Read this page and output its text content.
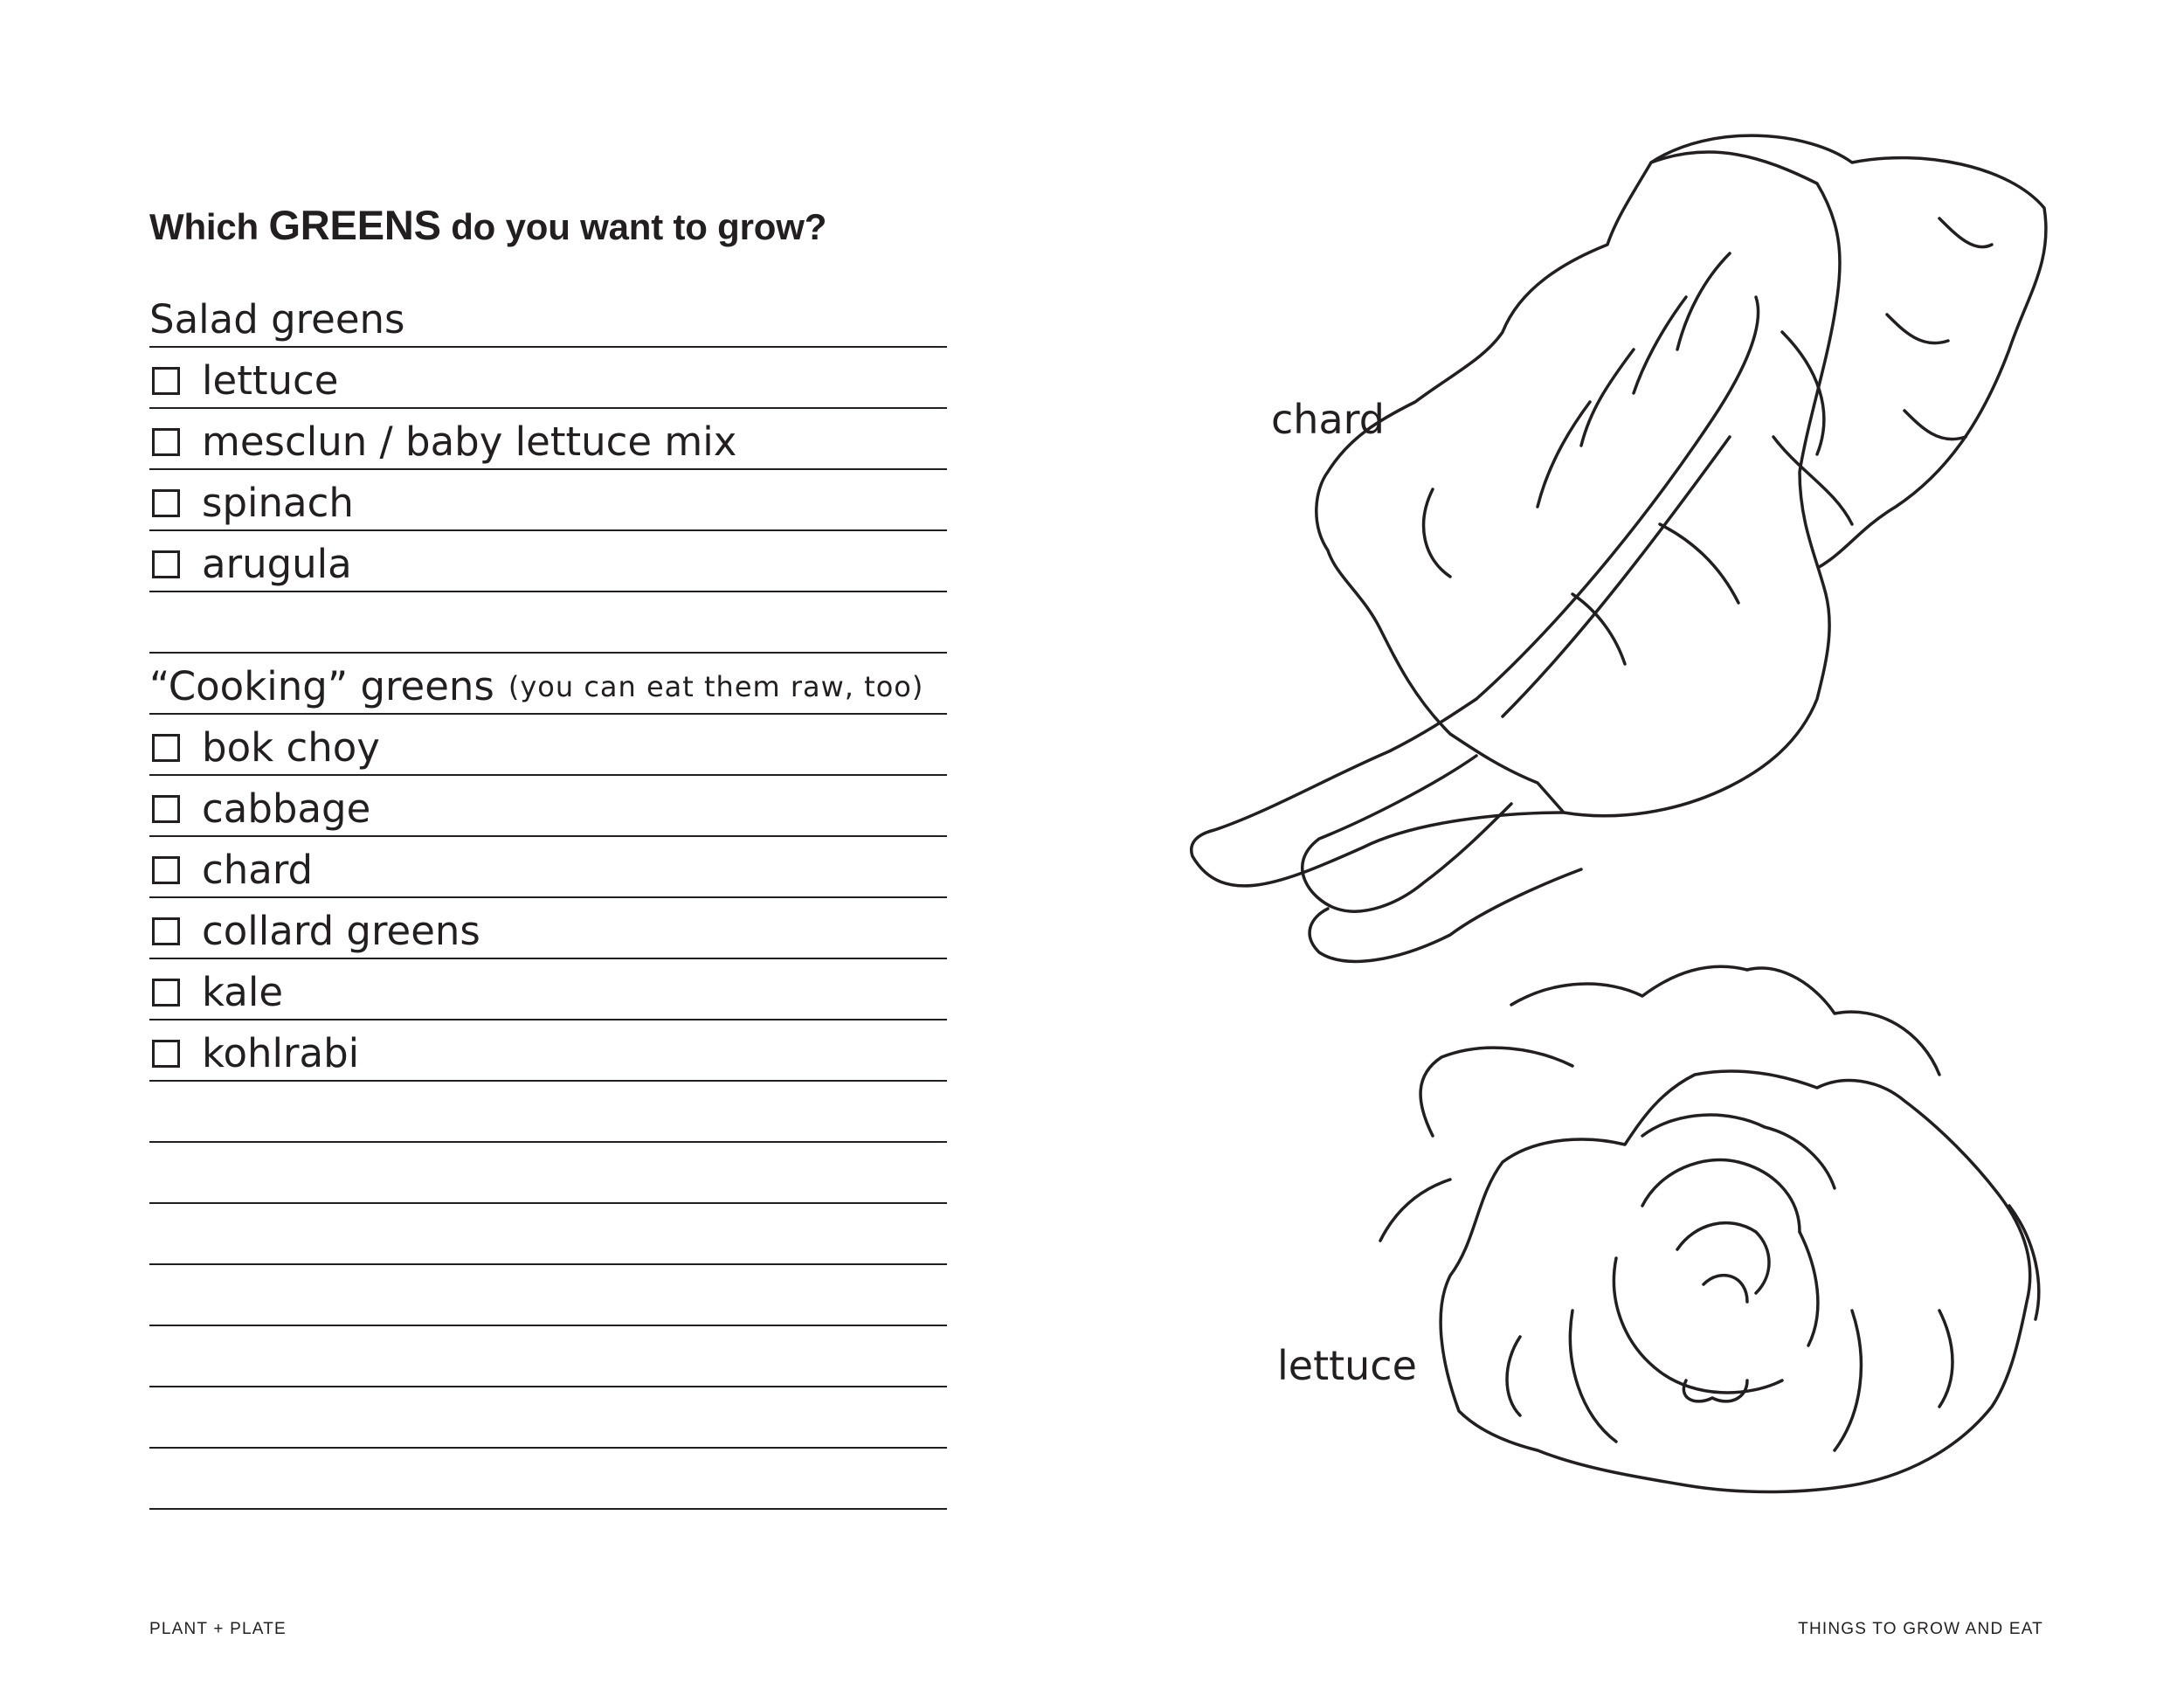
Which GREENS do you want to grow?
Salad greens
lettuce
mesclun / baby lettuce mix
spinach
arugula
“Cooking” greens (you can eat them raw, too)
bok choy
cabbage
chard
collard greens
kale
kohlrabi
chard
lettuce
PLANT + PLATE	THINGS TO GROW AND EAT
